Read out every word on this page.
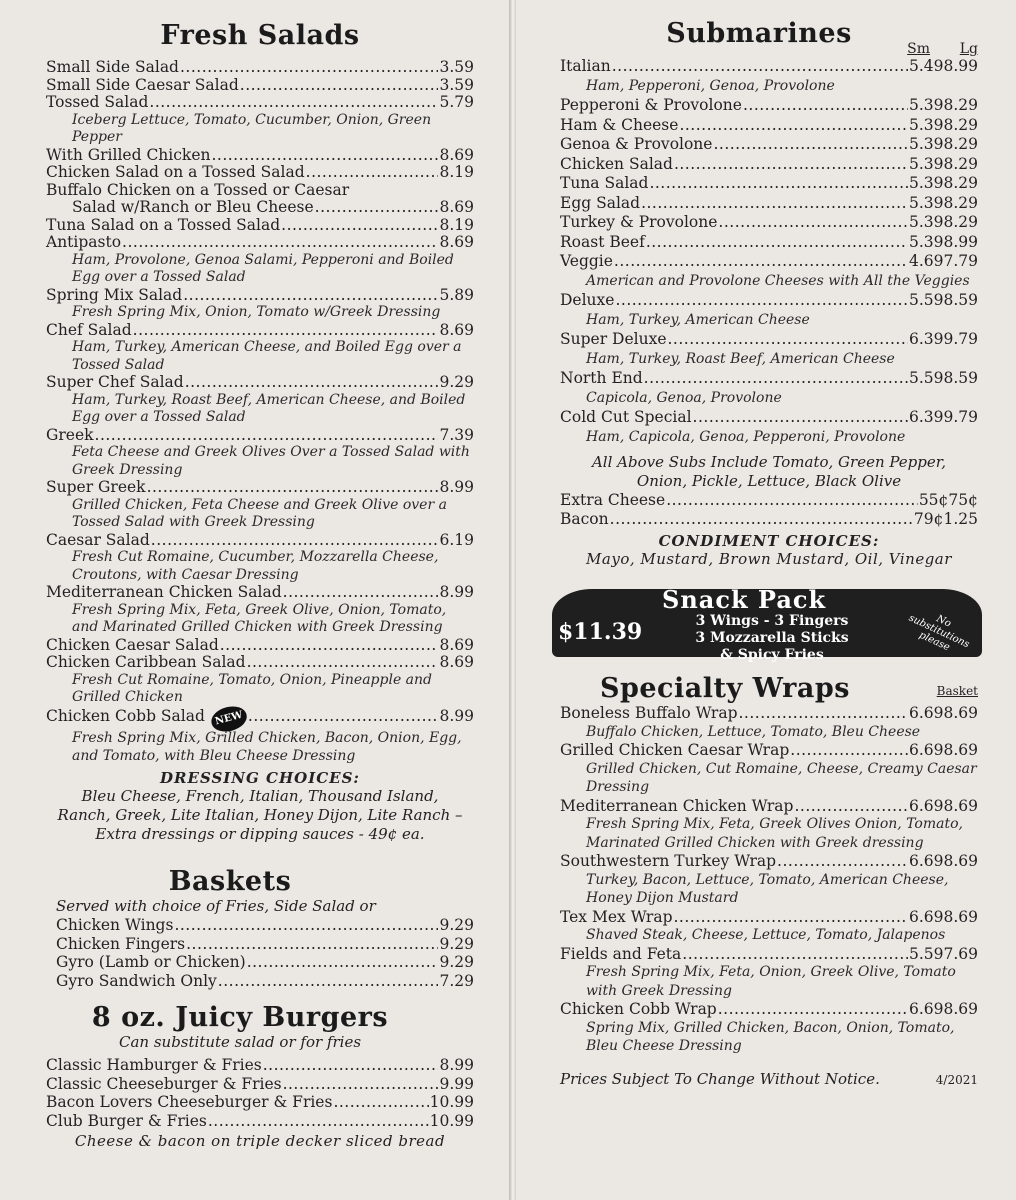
Fresh Salads
Small Side Salad .....	3.59
Small Side Caesar Salad .....	3.59
Tossed Salad .....	5.79
Iceberg Lettuce, Tomato, Cucumber, Onion, Green Pepper
With Grilled Chicken .....	8.69
Chicken Salad on a Tossed Salad .....	8.19
Buffalo Chicken on a Tossed or Caesar
Salad w/Ranch or Bleu Cheese .....	8.69
Tuna Salad on a Tossed Salad .....	8.19
Antipasto .....	8.69
Ham, Provolone, Genoa Salami, Pepperoni and Boiled Egg over a Tossed Salad
Spring Mix Salad .....	5.89
Fresh Spring Mix, Onion, Tomato w/Greek Dressing
Chef Salad .....	8.69
Ham, Turkey, American Cheese, and Boiled Egg over a Tossed Salad
Super Chef Salad .....	9.29
Ham, Turkey, Roast Beef, American Cheese, and Boiled Egg over a Tossed Salad
Greek .....	7.39
Feta Cheese and Greek Olives Over a Tossed Salad with Greek Dressing
Super Greek .....	8.99
Grilled Chicken, Feta Cheese and Greek Olive over a Tossed Salad with Greek Dressing
Caesar Salad .....	6.19
Fresh Cut Romaine, Cucumber, Mozzarella Cheese, Croutons, with Caesar Dressing
Mediterranean Chicken Salad .....	8.99
Fresh Spring Mix, Feta, Greek Olive, Onion, Tomato, and Marinated Grilled Chicken with Greek Dressing
Chicken Caesar Salad .....	8.69
Chicken Caribbean Salad .....	8.69
Fresh Cut Romaine, Tomato, Onion, Pineapple and Grilled Chicken
Chicken Cobb Salad NEW .....	8.99
Fresh Spring Mix, Grilled Chicken, Bacon, Onion, Egg, and Tomato, with Bleu Cheese Dressing
DRESSING CHOICES:
Bleu Cheese, French, Italian, Thousand Island, Ranch, Greek, Lite Italian, Honey Dijon, Lite Ranch – Extra dressings or dipping sauces - 49¢ ea.
Baskets
Served with choice of Fries, Side Salad or
Chicken Wings .....	9.29
Chicken Fingers .....	9.29
Gyro (Lamb or Chicken) .....	9.29
Gyro Sandwich Only .....	7.29
8 oz. Juicy Burgers
Can substitute salad or for fries
Classic Hamburger & Fries .....	8.99
Classic Cheeseburger & Fries .....	9.99
Bacon Lovers Cheeseburger & Fries .....	10.99
Club Burger & Fries .....	10.99
Cheese & bacon on triple decker sliced bread
Submarines	Sm	Lg
Italian .....	5.49 8.99
Ham, Pepperoni, Genoa, Provolone
Pepperoni & Provolone .....	5.39 8.29
Ham & Cheese .....	5.39 8.29
Genoa & Provolone .....	5.39 8.29
Chicken Salad .....	5.39 8.29
Tuna Salad .....	5.39 8.29
Egg Salad .....	5.39 8.29
Turkey & Provolone .....	5.39 8.29
Roast Beef .....	5.39 8.99
Veggie .....	4.69 7.79
American and Provolone Cheeses with All the Veggies
Deluxe .....	5.59 8.59
Ham, Turkey, American Cheese
Super Deluxe .....	6.39 9.79
Ham, Turkey, Roast Beef, American Cheese
North End .....	5.59 8.59
Capicola, Genoa, Provolone
Cold Cut Special .....	6.39 9.79
Ham, Capicola, Genoa, Pepperoni, Provolone
All Above Subs Include Tomato, Green Pepper, Onion, Pickle, Lettuce, Black Olive
Extra Cheese .....	55¢ 75¢
Bacon .....	79¢ 1.25
CONDIMENT CHOICES:
Mayo, Mustard, Brown Mustard, Oil, Vinegar
Snack Pack
$11.39	3 Wings - 3 Fingers
3 Mozzarella Sticks
& Spicy Fries
No substitutions please
Specialty Wraps	Basket
Boneless Buffalo Wrap .....	6.69 8.69
Buffalo Chicken, Lettuce, Tomato, Bleu Cheese
Grilled Chicken Caesar Wrap .....	6.69 8.69
Grilled Chicken, Cut Romaine, Cheese, Creamy Caesar Dressing
Mediterranean Chicken Wrap .....	6.69 8.69
Fresh Spring Mix, Feta, Greek Olives Onion, Tomato, Marinated Grilled Chicken with Greek dressing
Southwestern Turkey Wrap .....	6.69 8.69
Turkey, Bacon, Lettuce, Tomato, American Cheese, Honey Dijon Mustard
Tex Mex Wrap .....	6.69 8.69
Shaved Steak, Cheese, Lettuce, Tomato, Jalapenos
Fields and Feta .....	5.59 7.69
Fresh Spring Mix, Feta, Onion, Greek Olive, Tomato with Greek Dressing
Chicken Cobb Wrap .....	6.69 8.69
Spring Mix, Grilled Chicken, Bacon, Onion, Tomato, Bleu Cheese Dressing
Prices Subject To Change Without Notice.	4/2021
